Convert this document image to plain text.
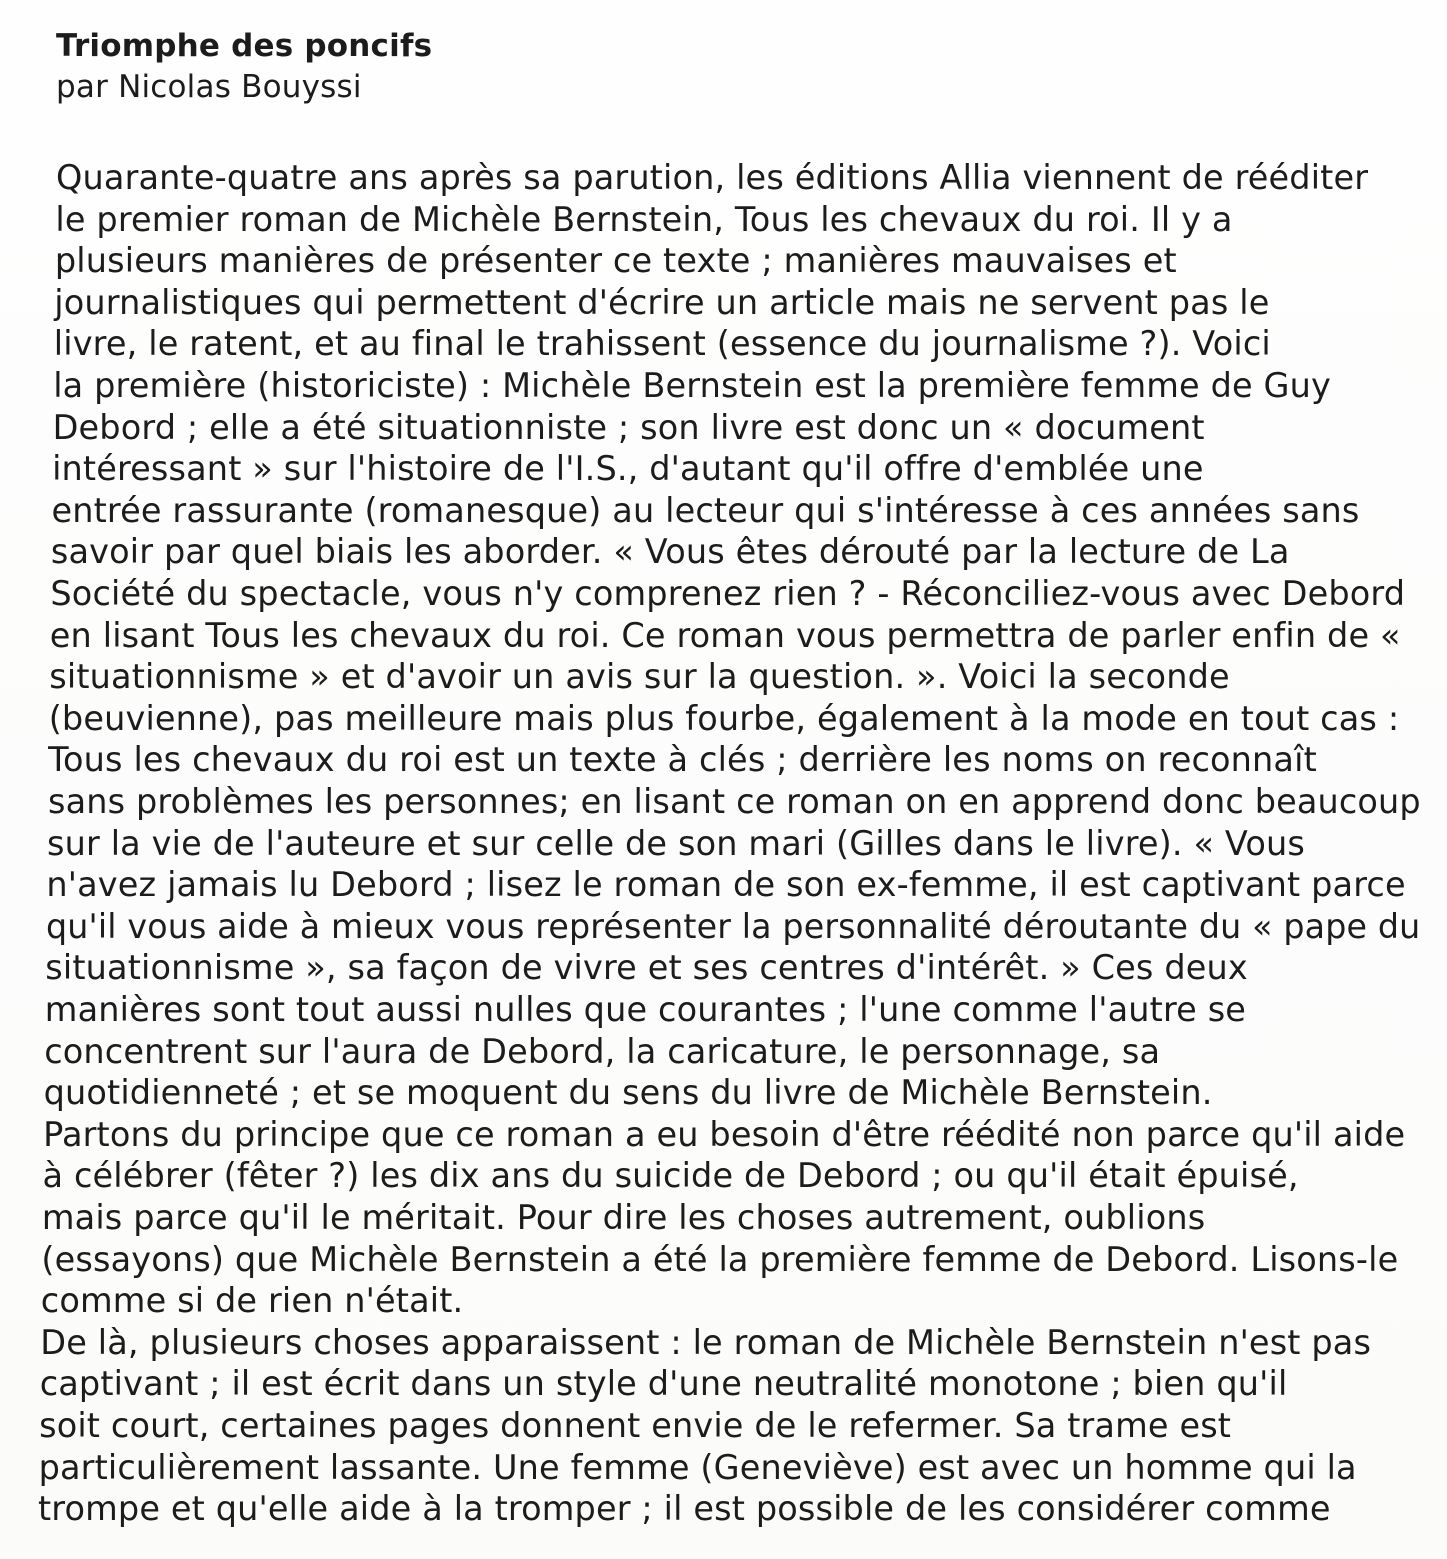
Triomphe des poncifs
par Nicolas Bouyssi
Quarante-quatre ans après sa parution, les éditions Allia viennent de rééditer
le premier roman de Michèle Bernstein, Tous les chevaux du roi. Il y a
plusieurs manières de présenter ce texte ; manières mauvaises et
journalistiques qui permettent d'écrire un article mais ne servent pas le
livre, le ratent, et au final le trahissent (essence du journalisme ?). Voici
la première (historiciste) : Michèle Bernstein est la première femme de Guy
Debord ; elle a été situationniste ; son livre est donc un « document
intéressant » sur l'histoire de l'I.S., d'autant qu'il offre d'emblée une
entrée rassurante (romanesque) au lecteur qui s'intéresse à ces années sans
savoir par quel biais les aborder. « Vous êtes dérouté par la lecture de La
Société du spectacle, vous n'y comprenez rien ? - Réconciliez-vous avec Debord
en lisant Tous les chevaux du roi. Ce roman vous permettra de parler enfin de «
situationnisme » et d'avoir un avis sur la question. ». Voici la seconde
(beuvienne), pas meilleure mais plus fourbe, également à la mode en tout cas :
Tous les chevaux du roi est un texte à clés ; derrière les noms on reconnaît
sans problèmes les personnes; en lisant ce roman on en apprend donc beaucoup
sur la vie de l'auteure et sur celle de son mari (Gilles dans le livre). « Vous
n'avez jamais lu Debord ; lisez le roman de son ex-femme, il est captivant parce
qu'il vous aide à mieux vous représenter la personnalité déroutante du « pape du
situationnisme », sa façon de vivre et ses centres d'intérêt. » Ces deux
manières sont tout aussi nulles que courantes ; l'une comme l'autre se
concentrent sur l'aura de Debord, la caricature, le personnage, sa
quotidienneté ; et se moquent du sens du livre de Michèle Bernstein.
Partons du principe que ce roman a eu besoin d'être réédité non parce qu'il aide
à célébrer (fêter ?) les dix ans du suicide de Debord ; ou qu'il était épuisé,
mais parce qu'il le méritait. Pour dire les choses autrement, oublions
(essayons) que Michèle Bernstein a été la première femme de Debord. Lisons-le
comme si de rien n'était.
De là, plusieurs choses apparaissent : le roman de Michèle Bernstein n'est pas
captivant ; il est écrit dans un style d'une neutralité monotone ; bien qu'il
soit court, certaines pages donnent envie de le refermer. Sa trame est
particulièrement lassante. Une femme (Geneviève) est avec un homme qui la
trompe et qu'elle aide à la tromper ; il est possible de les considérer comme
